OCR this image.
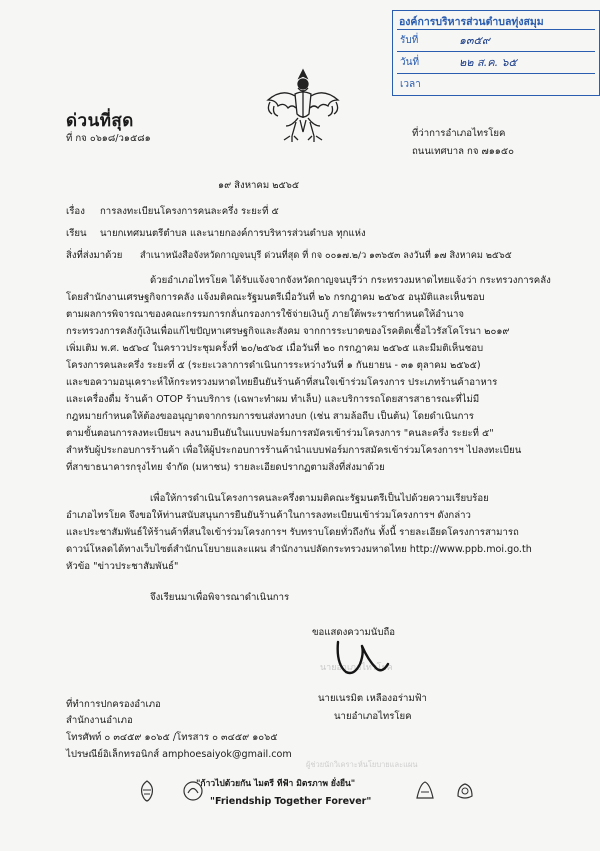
องค์การบริหารส่วนตำบลทุ่งสมุม
รับที่	๑๓๕๙
วันที่	๒๒ ส.ค. ๖๕
เวลา
ด่วนที่สุด
ที่ กจ ๐๖๑๘/ว๑๕๘๑	ที่ว่าการอำเภอไทรโยค
ถนนเทศบาล กจ ๗๑๑๕๐
๑๙ สิงหาคม ๒๕๖๕
เรื่อง การลงทะเบียนโครงการคนละครึ่ง ระยะที่ ๕
เรียน นายกเทศมนตรีตำบล และนายกองค์การบริหารส่วนตำบล ทุกแห่ง
สิ่งที่ส่งมาด้วย สำเนาหนังสือจังหวัดกาญจนบุรี ด่วนที่สุด ที่ กจ ๐๐๑๗.๒/ว ๑๓๖๕๓ ลงวันที่ ๑๗ สิงหาคม ๒๕๖๕
ด้วยอำเภอไทรโยค ได้รับแจ้งจากจังหวัดกาญจนบุรีว่า กระทรวงมหาดไทยแจ้งว่า กระทรวงการคลัง
โดยสำนักงานเศรษฐกิจการคลัง แจ้งมติคณะรัฐมนตรีเมื่อวันที่ ๒๖ กรกฎาคม ๒๕๖๕ อนุมัติและเห็นชอบ
ตามผลการพิจารณาของคณะกรรมการกลั่นกรองการใช้จ่ายเงินกู้ ภายใต้พระราชกำหนดให้อำนาจ
กระทรวงการคลังกู้เงินเพื่อแก้ไขปัญหาเศรษฐกิจและสังคม จากการระบาดของโรคติดเชื้อไวรัสโคโรนา ๒๐๑๙
เพิ่มเติม พ.ศ. ๒๕๖๔ ในคราวประชุมครั้งที่ ๒๐/๒๕๖๕ เมื่อวันที่ ๒๐ กรกฎาคม ๒๕๖๕ และมีมติเห็นชอบ
โครงการคนละครึ่ง ระยะที่ ๕ (ระยะเวลาการดำเนินการระหว่างวันที่ ๑ กันยายน - ๓๑ ตุลาคม ๒๕๖๕)
และขอความอนุเคราะห์ให้กระทรวงมหาดไทยยืนยันร้านค้าที่สนใจเข้าร่วมโครงการ ประเภทร้านค้าอาหาร
และเครื่องดื่ม ร้านค้า OTOP ร้านบริการ (เฉพาะทำผม ทำเล็บ) และบริการรถโดยสารสาธารณะที่ไม่มี
กฎหมายกำหนดให้ต้องขออนุญาตจากกรมการขนส่งทางบก (เช่น สามล้อถีบ เป็นต้น) โดยดำเนินการ
ตามขั้นตอนการลงทะเบียนฯ ลงนามยืนยันในแบบฟอร์มการสมัครเข้าร่วมโครงการ "คนละครึ่ง ระยะที่ ๕"
สำหรับผู้ประกอบการร้านค้า เพื่อให้ผู้ประกอบการร้านค้านำแบบฟอร์มการสมัครเข้าร่วมโครงการฯ ไปลงทะเบียน
ที่สาขาธนาคารกรุงไทย จำกัด (มหาชน) รายละเอียดปรากฏตามสิ่งที่ส่งมาด้วย
เพื่อให้การดำเนินโครงการคนละครึ่งตามมติคณะรัฐมนตรีเป็นไปด้วยความเรียบร้อย
อำเภอไทรโยค จึงขอให้ท่านสนับสนุนการยืนยันร้านค้าในการลงทะเบียนเข้าร่วมโครงการฯ ดังกล่าว
และประชาสัมพันธ์ให้ร้านค้าที่สนใจเข้าร่วมโครงการฯ รับทราบโดยทั่วถึงกัน ทั้งนี้ รายละเอียดโครงการสามารถ
ดาวน์โหลดได้ทางเว็บไซต์สำนักนโยบายและแผน สำนักงานปลัดกระทรวงมหาดไทย http://www.ppb.moi.go.th
หัวข้อ "ข่าวประชาสัมพันธ์"
จึงเรียนมาเพื่อพิจารณาดำเนินการ
ขอแสดงความนับถือ
นายอำเภอไทรโยค
นายเนรมิต เหลืองอร่ามฟ้า
นายอำเภอไทรโยค
ผู้ช่วยนักวิเคราะห์นโยบายและแผน
ที่ทำการปกครองอำเภอ
สำนักงานอำเภอ
โทรศัพท์ ๐ ๓๔๕๙ ๑๐๖๕ /โทรสาร ๐ ๓๔๕๙ ๑๐๖๕
ไปรษณีย์อิเล็กทรอนิกส์ amphoesaiyok@gmail.com
"ก้าวไปด้วยกัน ไมตรี ทีฟ้า มิตรภาพ ยั่งยืน"
"Friendship Together Forever"
